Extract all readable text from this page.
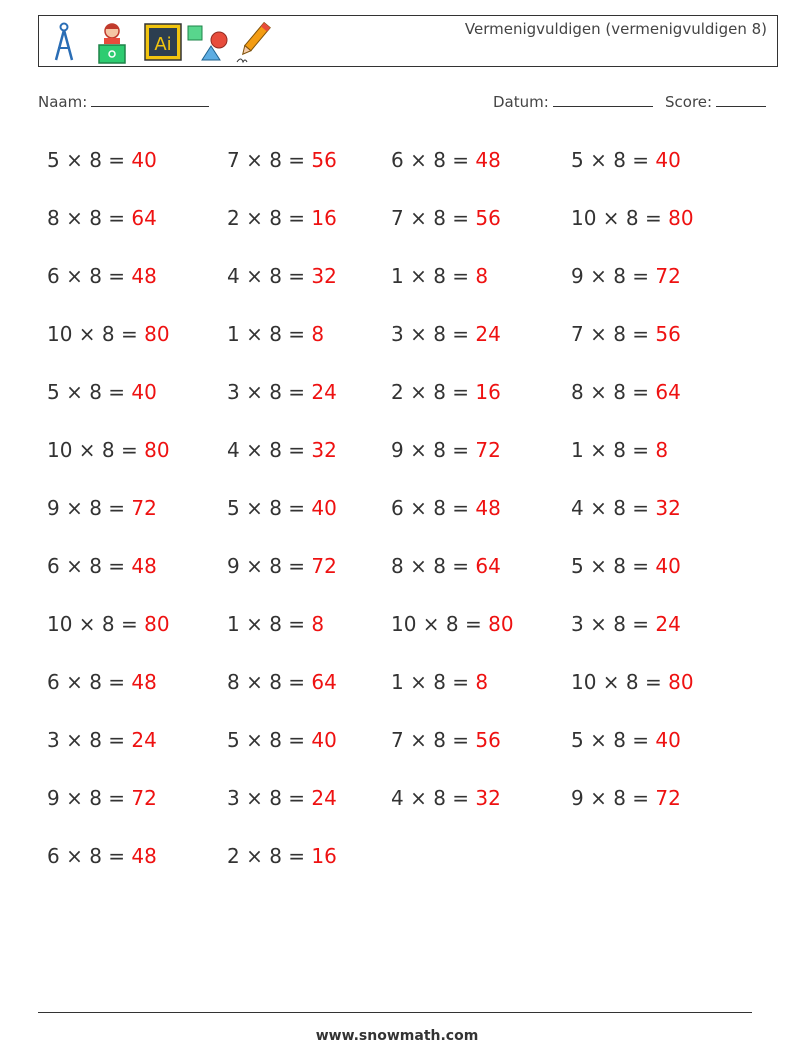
Ai
Vermenigvuldigen (vermenigvuldigen 8)
Naam:	Datum:	Score:
5 × 8 = 40	7 × 8 = 56	6 × 8 = 48	5 × 8 = 40
8 × 8 = 64	2 × 8 = 16	7 × 8 = 56	10 × 8 = 80
6 × 8 = 48	4 × 8 = 32	1 × 8 = 8	9 × 8 = 72
10 × 8 = 80	1 × 8 = 8	3 × 8 = 24	7 × 8 = 56
5 × 8 = 40	3 × 8 = 24	2 × 8 = 16	8 × 8 = 64
10 × 8 = 80	4 × 8 = 32	9 × 8 = 72	1 × 8 = 8
9 × 8 = 72	5 × 8 = 40	6 × 8 = 48	4 × 8 = 32
6 × 8 = 48	9 × 8 = 72	8 × 8 = 64	5 × 8 = 40
10 × 8 = 80	1 × 8 = 8	10 × 8 = 80	3 × 8 = 24
6 × 8 = 48	8 × 8 = 64	1 × 8 = 8	10 × 8 = 80
3 × 8 = 24	5 × 8 = 40	7 × 8 = 56	5 × 8 = 40
9 × 8 = 72	3 × 8 = 24	4 × 8 = 32	9 × 8 = 72
6 × 8 = 48	2 × 8 = 16
www.snowmath.com
